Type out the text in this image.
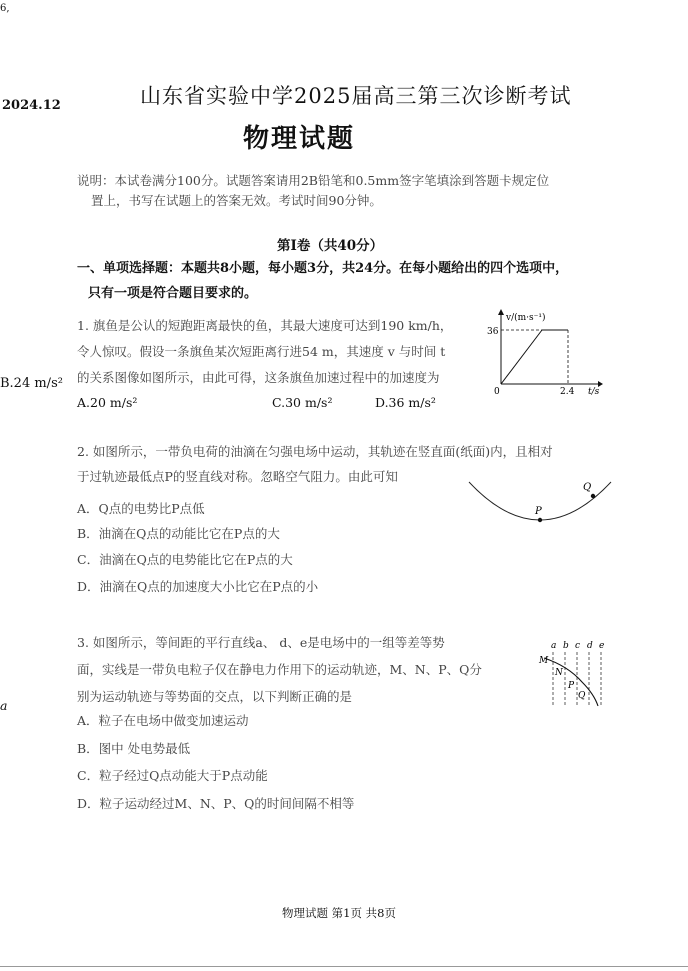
6,
2024.12	山东省实验中学2025届高三第三次诊断考试
物理试题
说明：本试卷满分100分。试题答案请用2B铅笔和0.5mm签字笔填涂到答题卡规定位
置上，书写在试题上的答案无效。考试时间90分钟。
第Ⅰ卷（共40分）
一、单项选择题：本题共8小题，每小题3分，共24分。在每小题给出的四个选项中，
只有一项是符合题目要求的。
1. 旗鱼是公认的短跑距离最快的鱼，其最大速度可达到190 km/h，
令人惊叹。假设一条旗鱼某次短距离行进54 m，其速度 v 与时间 t
的关系图像如图所示，由此可得，这条旗鱼加速过程中的加速度为
B.24 m/s²
A.20 m/s²	C.30 m/s²	D.36 m/s²
v/(m·s⁻¹)
36
0	2.4 t/s
2. 如图所示，一带负电荷的油滴在匀强电场中运动，其轨迹在竖直面(纸面)内，且相对
于过轨迹最低点P的竖直线对称。忽略空气阻力。由此可知
A．Q点的电势比P点低
B．油滴在Q点的动能比它在P点的大
C．油滴在Q点的电势能比它在P点的大
D．油滴在Q点的加速度大小比它在P点的小
P
Q
3. 如图所示，等间距的平行直线a、 d、e是电场中的一组等差等势
面，实线是一带负电粒子仅在静电力作用下的运动轨迹，M、N、P、Q分
别为运动轨迹与等势面的交点，以下判断正确的是
a
A．粒子在电场中做变加速运动
B．图中 处电势最低
C．粒子经过Q点动能大于P点动能
D．粒子运动经过M、N、P、Q的时间间隔不相等
a b c d e
M
N
P
Q
物理试题 第1页 共8页
